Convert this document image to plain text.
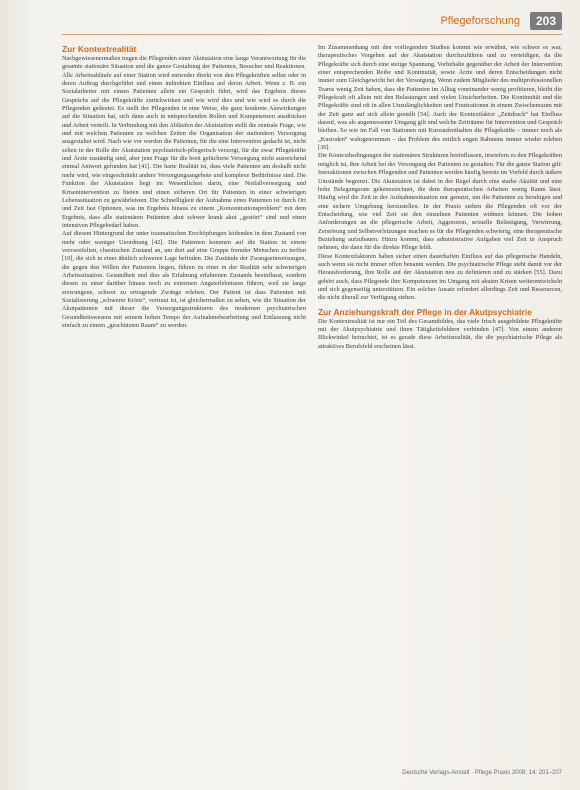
Pflegeforschung	203
Zur Kontextrealität

Nachgewiesenermaßen tragen die Pflegenden einer Akutstation eine lange Verantwortung für die gesamte stationäre Situation und die ganze Gestaltung der Patienten, Besucher und Reaktionen. Alle Arbeitsabläufe auf einer Station wird entweder direkt von den Pflegekräften selbst oder in deren Auftrag durchgeführt und einen indirekten Einfluss auf deren Arbeit. Wenn z. B. ein Sozialarbeiter mit einem Patienten allein ein Gespräch führt, wird das Ergebnis dieses Gesprächs auf die Pflegekräfte zurückwirken und wie wird dies und wie wird es durch die Pflegenden gedeutet. Es stellt der Pflegenden in eine Weise, die ganz konkrete Auswirkungen auf die Situation hat, sich dann auch in entsprechenden Rollen und Kompetenzen ausdrücken und Arbeit verteilt. In Verbindung mit den Abläufen der Akutstation stellt die zentrale Frage, wie und mit welchen Patienten zu welchen Zeiten die Organisation der stationären Versorgung ausgestaltet wird. Nach wie vor werden die Patienten, für die eine Intervention gedacht ist, nicht selten in der Rolle der Akutstation psychiatrisch-pflegerisch versorgt, für die zwar Pflegekräfte und Ärzte zuständig sind, aber jene Frage für die breit gefächerte Versorgung nicht ausreichend einmal Antwort gefunden hat [41]. Die harte Realität ist, dass viele Patienten am deshalb nicht mehr wird, wie eingeschränkt andere Versorgungsangebote und komplexe Bedürfnisse sind. Die Funktion der Akutstation liegt im Wesentlichen darin, eine Notfallversorgung und Krisenintervention zu bieten und einen sicheren Ort für Patienten in einer schwierigen Lebenssituation zu gewährleisten. Die Schnelligkeit der Aufnahme eines Patienten ist durch Ort und Zeit fast Optionen, was im Ergebnis hinaus zu einem „Konzentrationsproblem“ mit dem Ergebnis, dass alle stationären Patienten akut schwer krank akut „gestört“ sind und einen intensiven Pflegebedarf haben.

Auf diesem Hintergrund der unter traumatischen Erschöpfungen leidenden in dem Zustand von mehr oder weniger Unordnung [42]. Die Patienten kommen auf die Station in einem verzweifelten, chaotischen Zustand an, um dort auf eine Gruppe fremder Menschen zu treffen [10], die sich in einer ähnlich schweren Lage befinden. Die Zustände der Zwangseinweisungen, die gegen den Willen der Patienten liegen, führen zu einer in der Realität sehr schwierigen Arbeitssituation. Gesundheit und dies als Erfahrung erfahrenen Zustands beeinflusst, sondern diesen zu einer darüber hinaus noch zu extremen Angsterlebnissen führen, weil sie lange erzwungene, schwer zu ertragende Zwänge erleben. Der Patient ist dass Patienten mit Sozialisierung „schwerer Krisis“, vertraut ist, ist gleichermaßen zu sehen, wie die Situation der Akutpatienten mit dieser die Versorgungsstrukturen des modernen psychiatrischen Gesundheitswesens mit seinem hohen Tempo der Aufnahmebearbeitung und Entlassung nicht einfach zu einem „geschützten Raum“ zu werden.

Im Zusammenhang mit den vorliegenden Studien kommt wie erwähnt, wie schwer es war, therapeutisches Vorgehen auf der Akutstation durchzuführen und zu verteidigen, da die Pflegekräfte sich durch eine stetige Spannung, Vorbehalte gegenüber der Arbeit der Intervention einer entsprechenden Reihe und Kontinuität, sowie Ärzte und deren Entscheidungen nicht immer zum Gleichgewicht bei der Versorgung. Wenn zudem Mitglieder des multiprofessionellen Teams wenig Zeit haben, dass die Patienten im Alltag voneinander wenig profitieren, bleibt die Pflegekraft oft allein mit den Belastungen und vielen Unsicherheiten. Die Kontinuität und die Pflegekräfte sind oft in allen Unzulänglichkeiten und Frustrationen in einem Zwischenraum mit der Zeit ganz auf sich allein gestellt [54]. Auch der Kontextfaktor „Zeitdruck“ hat Einfluss darauf, was als angemessener Umgang gilt und welche Zeiträume für Intervention und Gespräch bleiben. So wie im Fall von Stationen mit Kurzaufenthalten die Pflegekräfte – immer noch als „Kustoden“ wahrgenommen – das Problem des zeitlich engen Rahmens immer wieder erleben [30].

Die Kontextbedingungen der stationären Strukturen beeinflussen, inwiefern es den Pflegekräften möglich ist, ihre Arbeit bei der Versorgung der Patienten zu gestalten. Für die ganze Station gilt: Interaktionen zwischen Pflegenden und Patienten werden häufig bereits im Vorfeld durch äußere Umstände begrenzt. Die Akutstation ist dabei in der Regel durch eine starke Akuität und eine hohe Belegungsrate gekennzeichnet, die dem therapeutischen Arbeiten wenig Raum lässt. Häufig wird die Zeit in der Aufnahmesituation nur genutzt, um die Patienten zu beruhigen und eine sichere Umgebung herzustellen. In der Praxis stehen die Pflegenden oft vor der Entscheidung, wie viel Zeit sie den einzelnen Patienten widmen können. Die hohen Anforderungen an die pflegerische Arbeit, Aggression, sexuelle Belästigung, Verwirrung, Zerstörung und Selbstverletzungen machen es für die Pflegenden schwierig, eine therapeutische Beziehung aufzubauen. Hinzu kommt, dass administrative Aufgaben viel Zeit in Anspruch nehmen, die dann für die direkte Pflege fehlt.

Diese Kontextfaktoren haben sicher einen dauerhaften Einfluss auf das pflegerische Handeln, auch wenn sie nicht immer offen benannt werden. Die psychiatrische Pflege steht damit vor der Herausforderung, ihre Rolle auf der Akutstation neu zu definieren und zu stärken [55]. Dazu gehört auch, dass Pflegende ihre Kompetenzen im Umgang mit akuten Krisen weiterentwickeln und sich gegenseitig unterstützen. Ein solcher Ansatz erfordert allerdings Zeit und Ressourcen, die nicht überall zur Verfügung stehen.

Zur Anziehungskraft der Pflege in der Akutpsychiatrie

Die Kontextrealität ist nur ein Teil des Gesamtbildes, das viele frisch ausgebildete Pflegekräfte mit der Akutpsychiatrie und ihren Tätigkeitsfeldern verbinden [47]. Von einem anderen Blickwinkel betrachtet, ist es gerade diese Arbeitsrealität, die die psychiatrische Pflege als attraktives Berufsfeld erscheinen lässt.

Deutsche Verlags-Anstalt · Pflege Praxis 2008; 14: 201–207
